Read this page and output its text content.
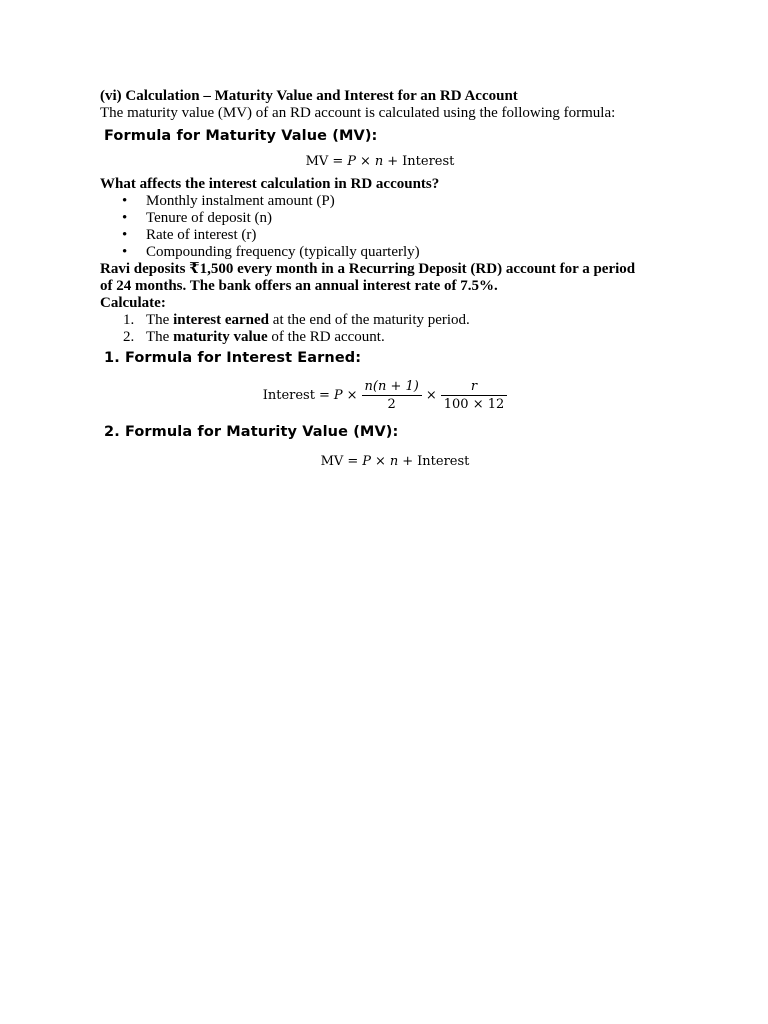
(vi) Calculation – Maturity Value and Interest for an RD Account
The maturity value (MV) of an RD account is calculated using the following formula:
Formula for Maturity Value (MV):
MV = P × n + Interest
What affects the interest calculation in RD accounts?
• Monthly instalment amount (P)
• Tenure of deposit (n)
• Rate of interest (r)
• Compounding frequency (typically quarterly)
Ravi deposits ₹1,500 every month in a Recurring Deposit (RD) account for a period
of 24 months. The bank offers an annual interest rate of 7.5%.
Calculate:
1. The interest earned at the end of the maturity period.
2. The maturity value of the RD account.
1. Formula for Interest Earned:
Interest = $P \times \frac{n(n + 1)}{2} \times \frac{r}{100 \times 12}$
2. Formula for Maturity Value (MV):
MV = P × n + Interest
